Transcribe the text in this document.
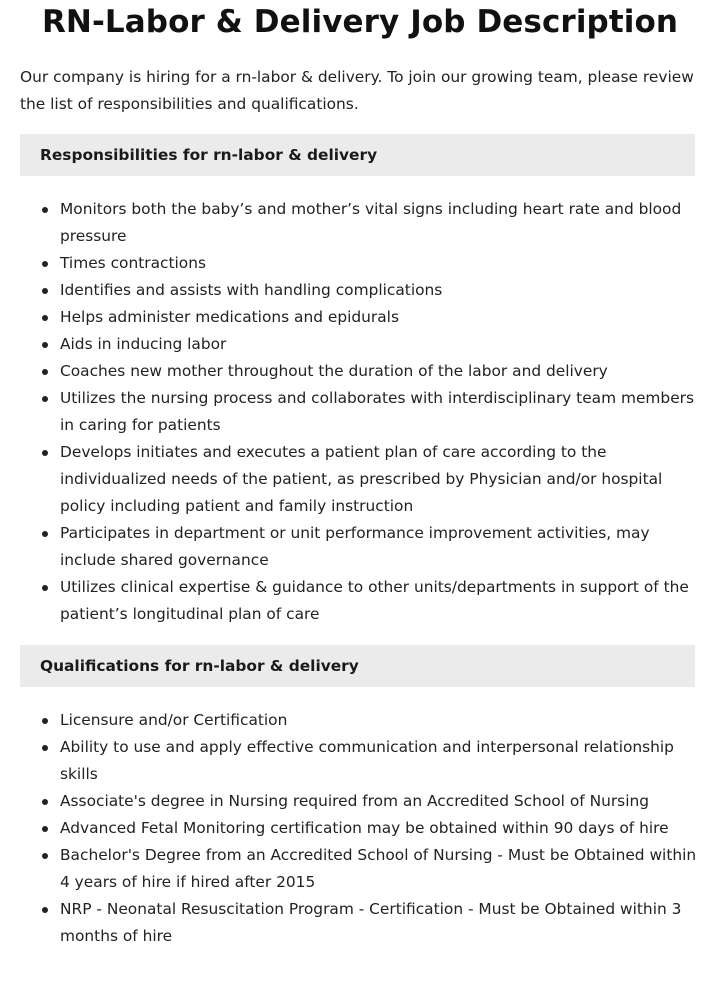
RN-Labor & Delivery Job Description

Our company is hiring for a rn-labor & delivery. To join our growing team, please review the list of responsibilities and qualifications.

Responsibilities for rn-labor & delivery
Monitors both the baby’s and mother’s vital signs including heart rate and blood pressure
Times contractions
Identifies and assists with handling complications
Helps administer medications and epidurals
Aids in inducing labor
Coaches new mother throughout the duration of the labor and delivery
Utilizes the nursing process and collaborates with interdisciplinary team members in caring for patients
Develops initiates and executes a patient plan of care according to the individualized needs of the patient, as prescribed by Physician and/or hospital policy including patient and family instruction
Participates in department or unit performance improvement activities, may include shared governance
Utilizes clinical expertise & guidance to other units/departments in support of the patient’s longitudinal plan of care
Qualifications for rn-labor & delivery
Licensure and/or Certification
Ability to use and apply effective communication and interpersonal relationship skills
Associate's degree in Nursing required from an Accredited School of Nursing
Advanced Fetal Monitoring certification may be obtained within 90 days of hire
Bachelor's Degree from an Accredited School of Nursing - Must be Obtained within 4 years of hire if hired after 2015
NRP - Neonatal Resuscitation Program - Certification - Must be Obtained within 3 months of hire
